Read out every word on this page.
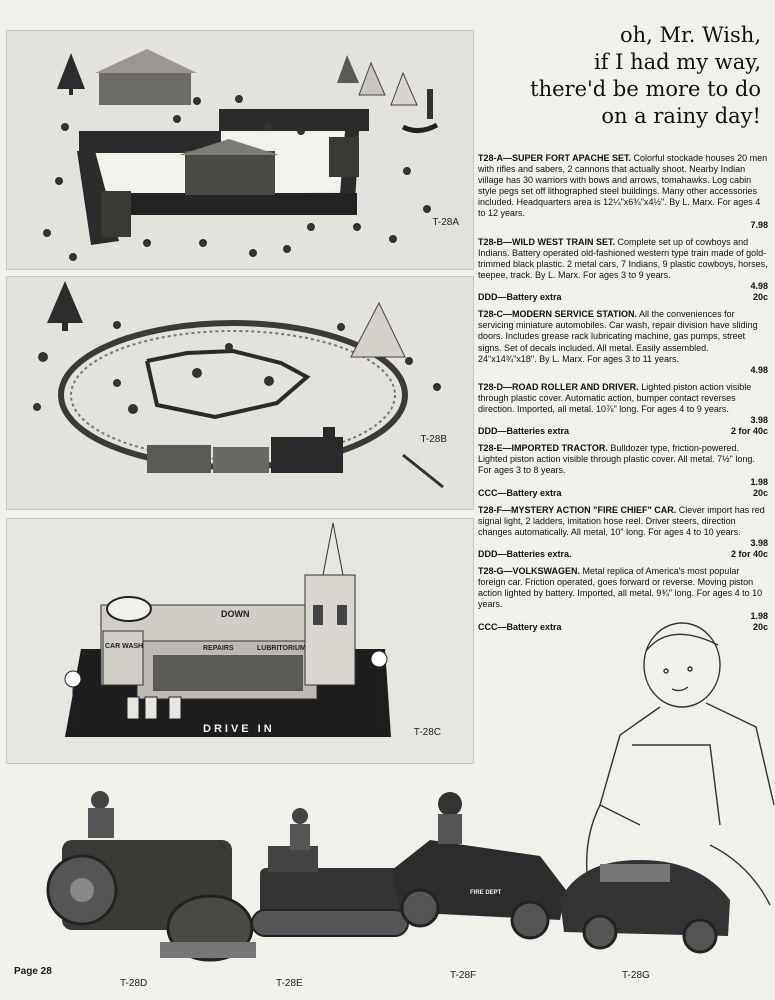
T-28A
T-28B
DOWN
CAR WASH	REPAIRS	LUBRITORIUM
DRIVE IN	T-28C
oh, Mr. Wish,
if I had my way,
there'd be more to do
on a rainy day!
T28-A—SUPER FORT APACHE SET. Colorful stockade houses 20 men with rifles and sabers, 2 cannons that actually shoot. Nearby Indian village has 30 warriors with bows and arrows, tomahawks. Log cabin style pegs set off lithographed steel buildings. Many other accessories included. Headquarters area is 12¼"x6¾"x4½". By L. Marx. For ages 4 to 12 years.
7.98
T28-B—WILD WEST TRAIN SET. Complete set up of cowboys and Indians. Battery operated old-fashioned western type train made of gold-trimmed black plastic. 2 metal cars, 7 Indians, 9 plastic cowboys, horses, teepee, track. By L. Marx. For ages 3 to 9 years.
4.98
DDD—Battery extra	20c
T28-C—MODERN SERVICE STATION. All the conveniences for servicing miniature automobiles. Car wash, repair division have sliding doors. Includes grease rack lubricating machine, gas pumps, street signs. Set of decals included. All metal. Easily assembled. 24"x14¾"x18". By L. Marx. For ages 3 to 11 years.
4.98
T28-D—ROAD ROLLER AND DRIVER. Lighted piston action visible through plastic cover. Automatic action, bumper contact reverses direction. Imported, all metal. 10⅞" long. For ages 4 to 9 years.
3.98
DDD—Batteries extra	2 for 40c
T28-E—IMPORTED TRACTOR. Bulldozer type, friction-powered. Lighted piston action visible through plastic cover. All metal. 7½" long. For ages 3 to 8 years.
1.98
CCC—Battery extra	20c
T28-F—MYSTERY ACTION "FIRE CHIEF" CAR. Clever import has red signal light, 2 ladders, imitation hose reel. Driver steers, direction changes automatically. All metal, 10" long. For ages 4 to 10 years.
3.98
DDD—Batteries extra.	2 for 40c
T28-G—VOLKSWAGEN. Metal replica of America's most popular foreign car. Friction operated, goes forward or reverse. Moving piston action lighted by battery. Imported, all metal. 9¾" long. For ages 4 to 10 years.
1.98
CCC—Battery extra	20c
FIRE DEPT
T-28D	T-28E
T-28F	T-28G
Page 28
